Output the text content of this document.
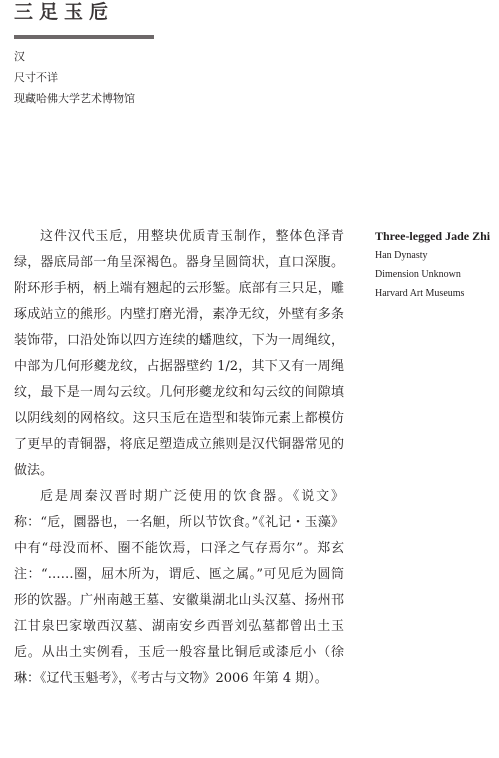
三足玉卮
汉
尺寸不详
现藏哈佛大学艺术博物馆

这件汉代玉卮，用整块优质青玉制作，整体色泽青绿，器底局部一角呈深褐色。器身呈圆筒状，直口深腹。附环形手柄，柄上端有翘起的云形錾。底部有三只足，雕琢成站立的熊形。内壁打磨光滑，素净无纹，外壁有多条装饰带，口沿处饰以四方连续的蟠虺纹，下为一周绳纹，中部为几何形夔龙纹，占据器壁约 1/2，其下又有一周绳纹，最下是一周勾云纹。几何形夔龙纹和勾云纹的间隙填以阴线刻的网格纹。这只玉卮在造型和装饰元素上都模仿了更早的青铜器，将底足塑造成立熊则是汉代铜器常见的做法。

卮是周秦汉晋时期广泛使用的饮食器。《说文》称：“卮，圜器也，一名觛，所以节饮食。”《礼记・玉藻》中有“母没而杯、圈不能饮焉，口泽之气存焉尔”。郑玄注：“……圈，屈木所为，谓卮、匜之属。”可见卮为圆筒形的饮器。广州南越王墓、安徽巢湖北山头汉墓、扬州邗江甘泉巴家墩西汉墓、湖南安乡西晋刘弘墓都曾出土玉卮。从出土实例看，玉卮一般容量比铜卮或漆卮小（徐琳：《辽代玉魁考》，《考古与文物》2006 年第 4 期）。

Three-legged Jade Zhi
Han Dynasty
Dimension Unknown
Harvard Art Museums
